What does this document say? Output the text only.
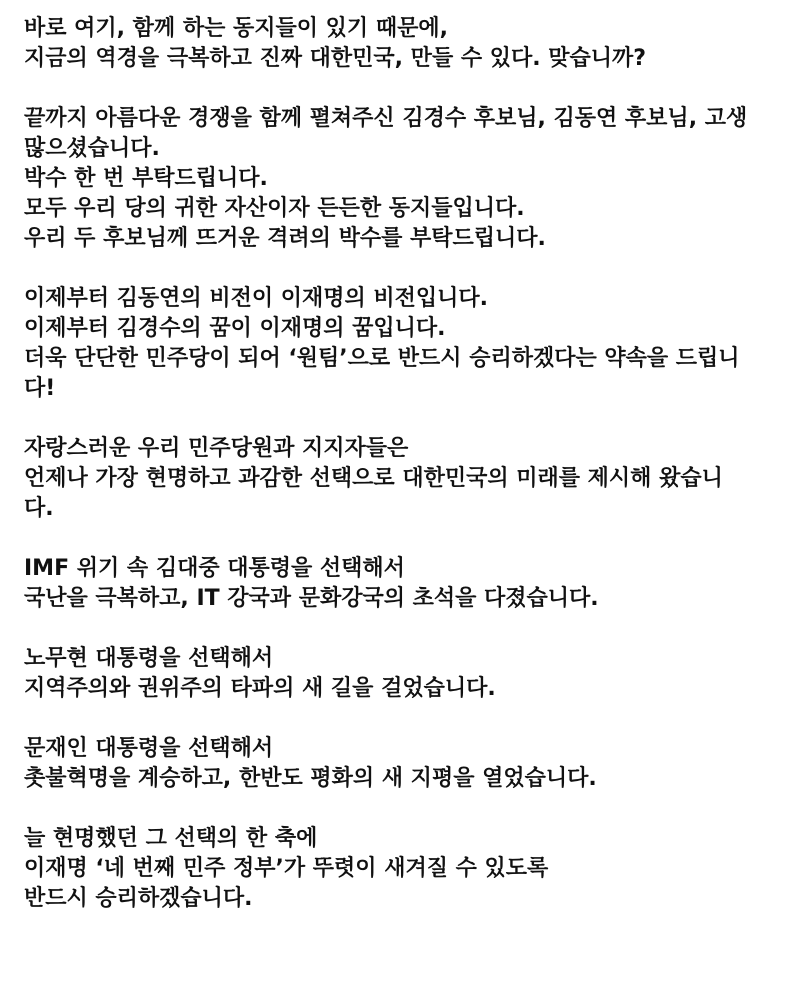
바로 여기, 함께 하는 동지들이 있기 때문에,
지금의 역경을 극복하고 진짜 대한민국, 만들 수 있다. 맞습니까?
끝까지 아름다운 경쟁을 함께 펼쳐주신 김경수 후보님, 김동연 후보님, 고생
많으셨습니다.
박수 한 번 부탁드립니다.
모두 우리 당의 귀한 자산이자 든든한 동지들입니다.
우리 두 후보님께 뜨거운 격려의 박수를 부탁드립니다.
이제부터 김동연의 비전이 이재명의 비전입니다.
이제부터 김경수의 꿈이 이재명의 꿈입니다.
더욱 단단한 민주당이 되어 ‘원팀’으로 반드시 승리하겠다는 약속을 드립니
다!
자랑스러운 우리 민주당원과 지지자들은
언제나 가장 현명하고 과감한 선택으로 대한민국의 미래를 제시해 왔습니
다.
IMF 위기 속 김대중 대통령을 선택해서
국난을 극복하고, IT 강국과 문화강국의 초석을 다졌습니다.
노무현 대통령을 선택해서
지역주의와 권위주의 타파의 새 길을 걸었습니다.
문재인 대통령을 선택해서
촛불혁명을 계승하고, 한반도 평화의 새 지평을 열었습니다.
늘 현명했던 그 선택의 한 축에
이재명 ‘네 번째 민주 정부’가 뚜렷이 새겨질 수 있도록
반드시 승리하겠습니다.
